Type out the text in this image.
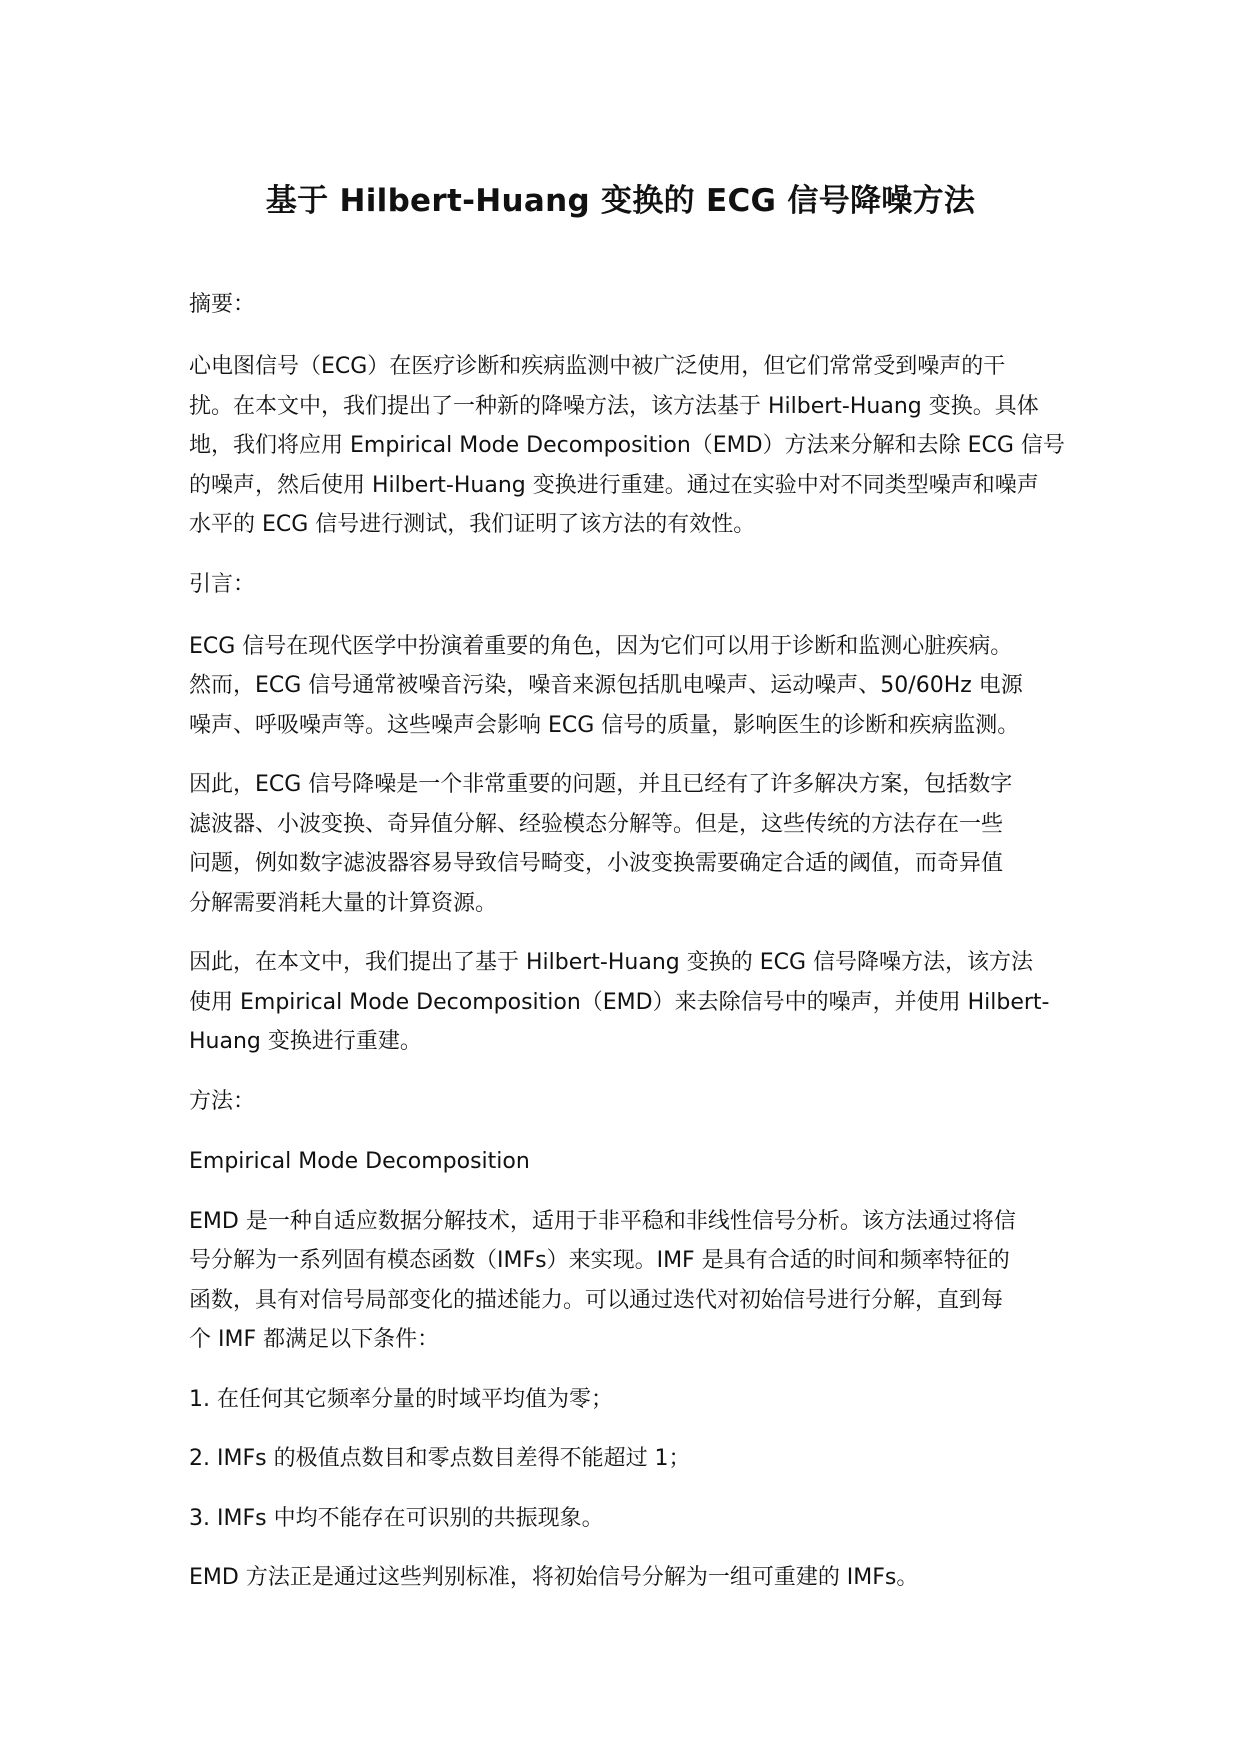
基于 Hilbert-Huang 变换的 ECG 信号降噪方法

摘要：

心电图信号（ECG）在医疗诊断和疾病监测中被广泛使用，但它们常常受到噪声的干
扰。在本文中，我们提出了一种新的降噪方法，该方法基于 Hilbert-Huang 变换。具体
地，我们将应用 Empirical Mode Decomposition（EMD）方法来分解和去除 ECG 信号
的噪声，然后使用 Hilbert-Huang 变换进行重建。通过在实验中对不同类型噪声和噪声
水平的 ECG 信号进行测试，我们证明了该方法的有效性。

引言：

ECG 信号在现代医学中扮演着重要的角色，因为它们可以用于诊断和监测心脏疾病。
然而，ECG 信号通常被噪音污染，噪音来源包括肌电噪声、运动噪声、50/60Hz 电源
噪声、呼吸噪声等。这些噪声会影响 ECG 信号的质量，影响医生的诊断和疾病监测。

因此，ECG 信号降噪是一个非常重要的问题，并且已经有了许多解决方案，包括数字
滤波器、小波变换、奇异值分解、经验模态分解等。但是，这些传统的方法存在一些
问题，例如数字滤波器容易导致信号畸变，小波变换需要确定合适的阈值，而奇异值
分解需要消耗大量的计算资源。

因此，在本文中，我们提出了基于 Hilbert-Huang 变换的 ECG 信号降噪方法，该方法
使用 Empirical Mode Decomposition（EMD）来去除信号中的噪声，并使用 Hilbert-
Huang 变换进行重建。

方法：

Empirical Mode Decomposition

EMD 是一种自适应数据分解技术，适用于非平稳和非线性信号分析。该方法通过将信
号分解为一系列固有模态函数（IMFs）来实现。IMF 是具有合适的时间和频率特征的
函数，具有对信号局部变化的描述能力。可以通过迭代对初始信号进行分解，直到每
个 IMF 都满足以下条件：

1. 在任何其它频率分量的时域平均值为零；

2. IMFs 的极值点数目和零点数目差得不能超过 1；

3. IMFs 中均不能存在可识别的共振现象。

EMD 方法正是通过这些判别标准，将初始信号分解为一组可重建的 IMFs。
